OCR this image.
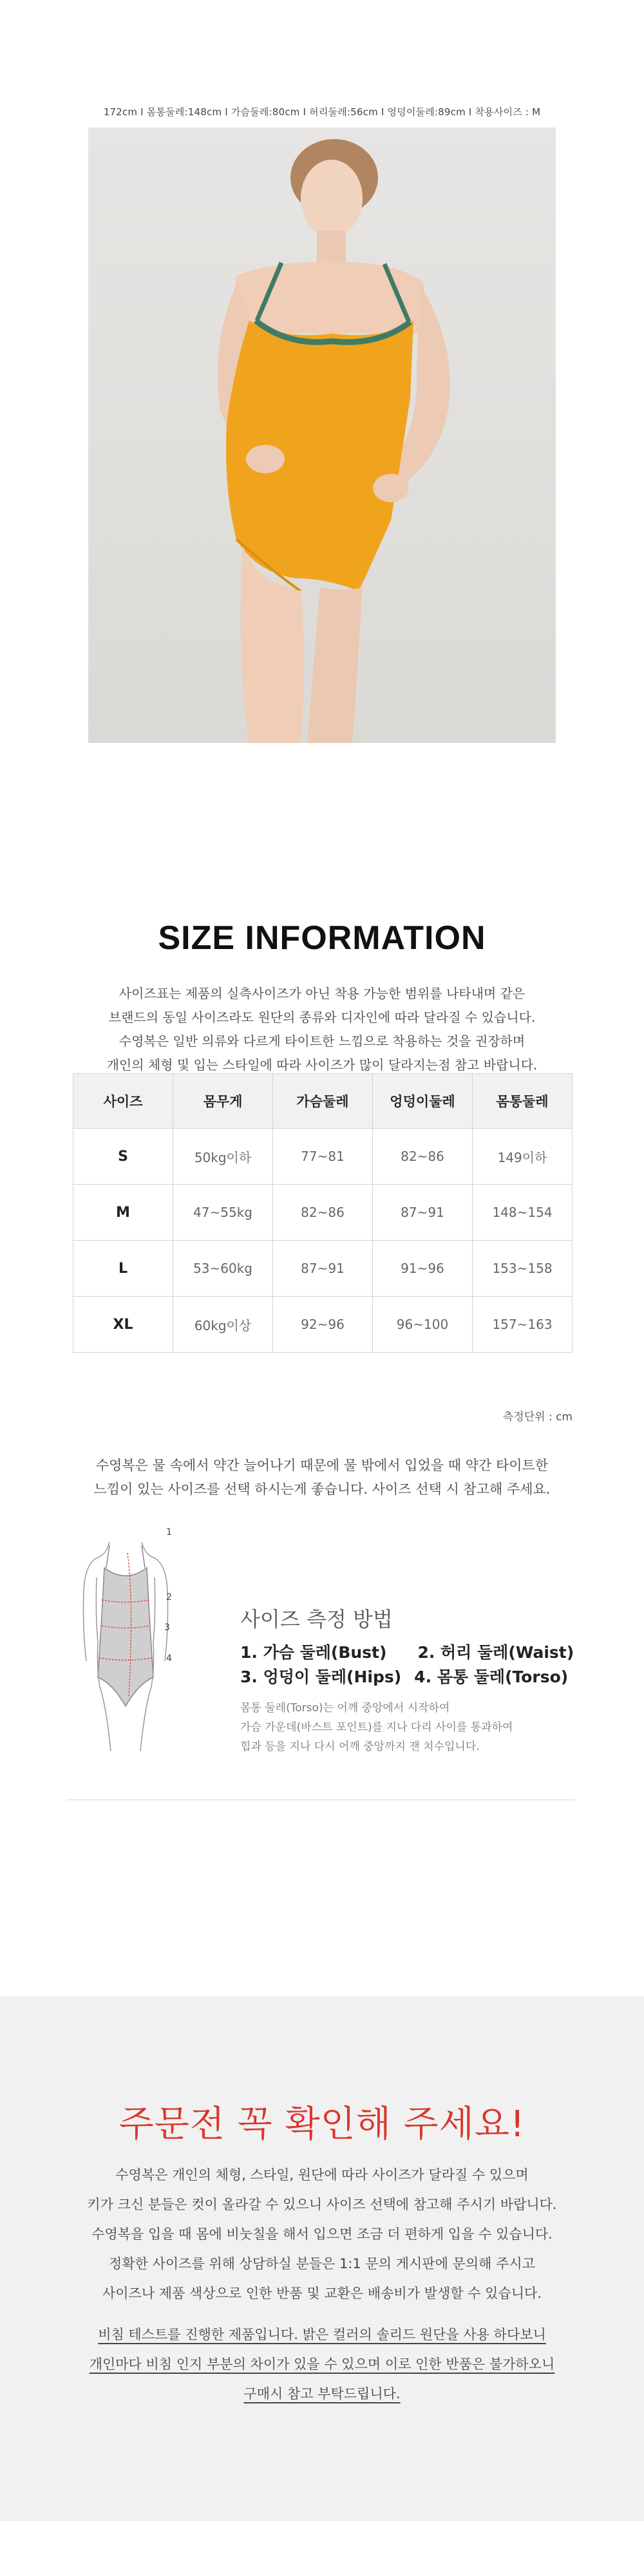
172cm I 몸통둘레:148cm I 가슴둘레:80cm I 허리둘레:56cm I 엉덩이둘레:89cm I 착용사이즈 : M
SIZE INFORMATION
사이즈표는 제품의 실측사이즈가 아닌 착용 가능한 범위를 나타내며 같은
브랜드의 동일 사이즈라도 원단의 종류와 디자인에 따라 달라질 수 있습니다.
수영복은 일반 의류와 다르게 타이트한 느낌으로 착용하는 것을 권장하며
개인의 체형 및 입는 스타일에 따라 사이즈가 많이 달라지는점 참고 바랍니다.
사이즈	몸무게	가슴둘레	엉덩이둘레	몸통둘레
S	50kg이하	77~81	82~86	149이하
M	47~55kg	82~86	87~91	148~154
L	53~60kg	87~91	91~96	153~158
XL	60kg이상	92~96	96~100	157~163
측정단위 : cm
수영복은 물 속에서 약간 늘어나기 때문에 물 밖에서 입었을 때 약간 타이트한
느낌이 있는 사이즈를 선택 하시는게 좋습니다. 사이즈 선택 시 참고해 주세요.
1
2
3
4
사이즈 측정 방법
1. 가슴 둘레(Bust) 2. 허리 둘레(Waist)
3. 엉덩이 둘레(Hips) 4. 몸통 둘레(Torso)
몸통 둘레(Torso)는 어깨 중앙에서 시작하여
가슴 가운데(바스트 포인트)를 지나 다리 사이를 통과하여
힙과 등을 지나 다시 어깨 중앙까지 잰 치수입니다.
주문전 꼭 확인해 주세요!
수영복은 개인의 체형, 스타일, 원단에 따라 사이즈가 달라질 수 있으며
키가 크신 분들은 컷이 올라갈 수 있으니 사이즈 선택에 참고해 주시기 바랍니다.
수영복을 입을 때 몸에 비눗칠을 해서 입으면 조금 더 편하게 입을 수 있습니다.
정확한 사이즈를 위해 상담하실 분들은 1:1 문의 게시판에 문의해 주시고
사이즈나 제품 색상으로 인한 반품 및 교환은 배송비가 발생할 수 있습니다.
비침 테스트를 진행한 제품입니다. 밝은 컬러의 솔리드 원단을 사용 하다보니
개인마다 비침 인지 부분의 차이가 있을 수 있으며 이로 인한 반품은 불가하오니
구매시 참고 부탁드립니다.
